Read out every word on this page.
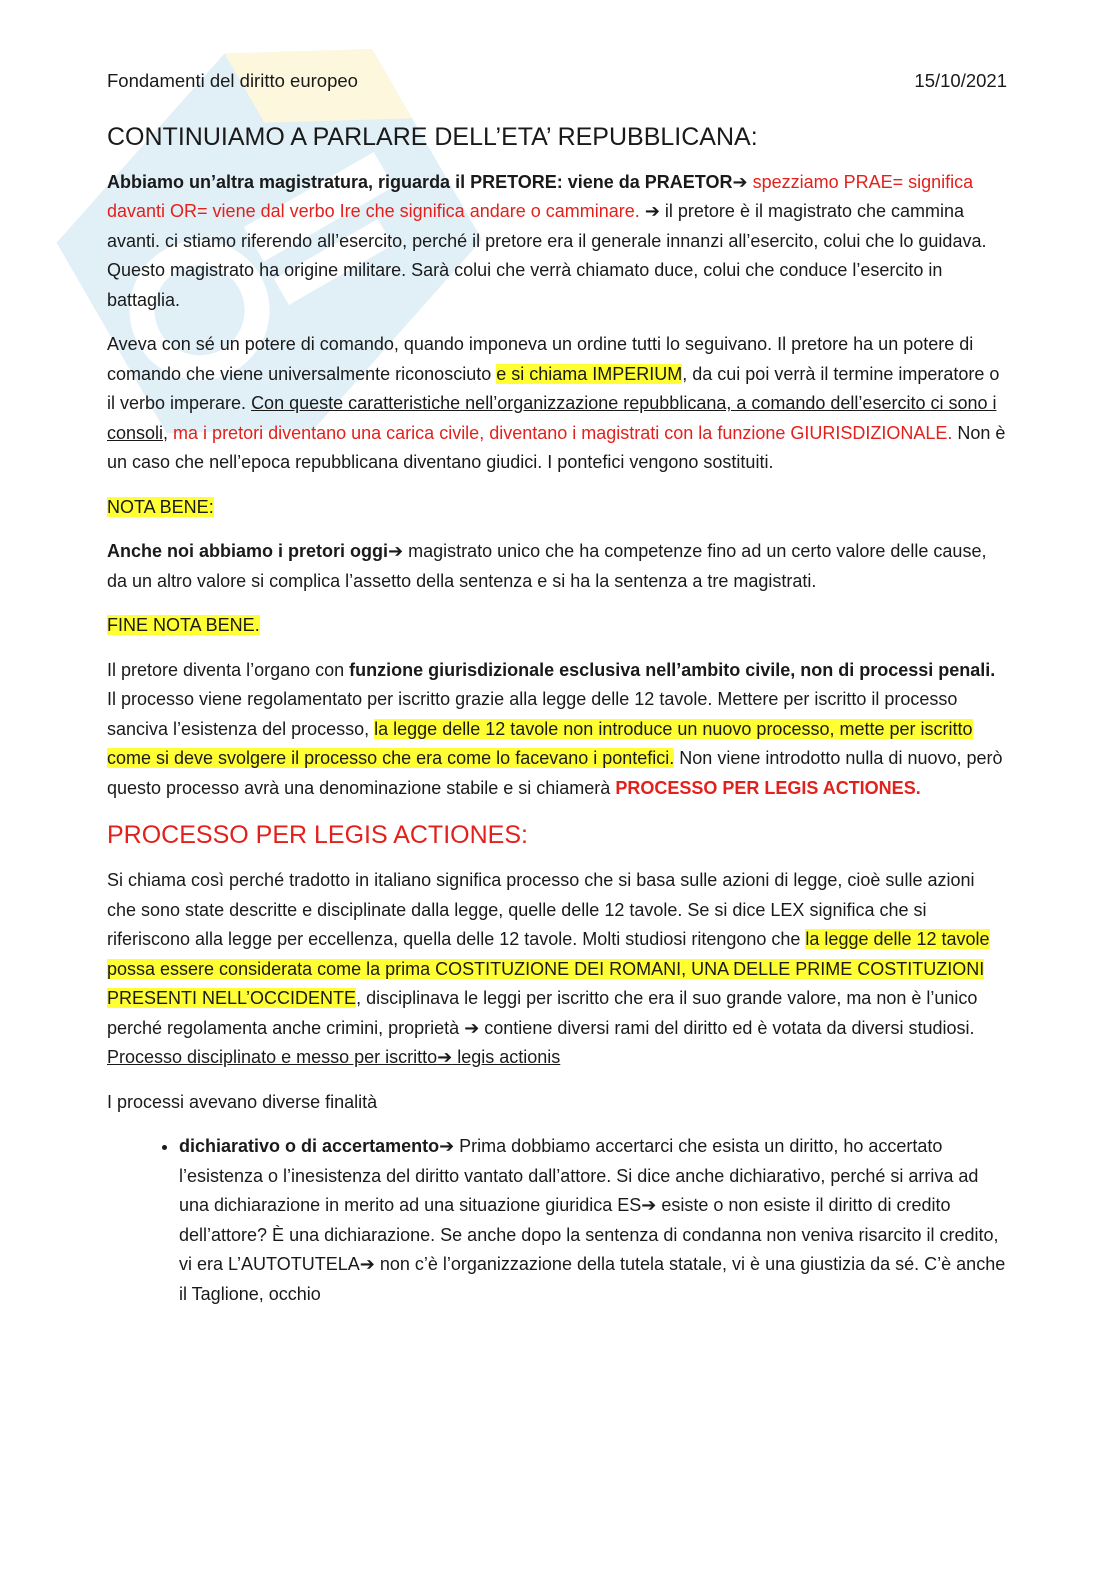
Fondamenti del diritto europeo	15/10/2021
CONTINUIAMO A PARLARE DELL’ETA’ REPUBBLICANA:

Abbiamo un’altra magistratura, riguarda il PRETORE: viene da PRAETOR➔ spezziamo PRAE= significa davanti OR= viene dal verbo Ire che significa andare o camminare. ➔ il pretore è il magistrato che cammina avanti. ci stiamo riferendo all’esercito, perché il pretore era il generale innanzi all’esercito, colui che lo guidava. Questo magistrato ha origine militare. Sarà colui che verrà chiamato duce, colui che conduce l’esercito in battaglia.

Aveva con sé un potere di comando, quando imponeva un ordine tutti lo seguivano. Il pretore ha un potere di comando che viene universalmente riconosciuto e si chiama IMPERIUM, da cui poi verrà il termine imperatore o il verbo imperare. Con queste caratteristiche nell’organizzazione repubblicana, a comando dell’esercito ci sono i consoli, ma i pretori diventano una carica civile, diventano i magistrati con la funzione GIURISDIZIONALE. Non è un caso che nell’epoca repubblicana diventano giudici. I pontefici vengono sostituiti.

NOTA BENE:

Anche noi abbiamo i pretori oggi➔ magistrato unico che ha competenze fino ad un certo valore delle cause, da un altro valore si complica l’assetto della sentenza e si ha la sentenza a tre magistrati.

FINE NOTA BENE.

Il pretore diventa l’organo con funzione giurisdizionale esclusiva nell’ambito civile, non di processi penali. Il processo viene regolamentato per iscritto grazie alla legge delle 12 tavole. Mettere per iscritto il processo sanciva l’esistenza del processo, la legge delle 12 tavole non introduce un nuovo processo, mette per iscritto come si deve svolgere il processo che era come lo facevano i pontefici. Non viene introdotto nulla di nuovo, però questo processo avrà una denominazione stabile e si chiamerà PROCESSO PER LEGIS ACTIONES.

PROCESSO PER LEGIS ACTIONES:

Si chiama così perché tradotto in italiano significa processo che si basa sulle azioni di legge, cioè sulle azioni che sono state descritte e disciplinate dalla legge, quelle delle 12 tavole. Se si dice LEX significa che si riferiscono alla legge per eccellenza, quella delle 12 tavole. Molti studiosi ritengono che la legge delle 12 tavole possa essere considerata come la prima COSTITUZIONE DEI ROMANI, UNA DELLE PRIME COSTITUZIONI PRESENTI NELL’OCCIDENTE, disciplinava le leggi per iscritto che era il suo grande valore, ma non è l’unico perché regolamenta anche crimini, proprietà ➔ contiene diversi rami del diritto ed è votata da diversi studiosi. Processo disciplinato e messo per iscritto➔ legis actionis

I processi avevano diverse finalità

• dichiarativo o di accertamento➔ Prima dobbiamo accertarci che esista un diritto, ho accertato l’esistenza o l’inesistenza del diritto vantato dall’attore. Si dice anche dichiarativo, perché si arriva ad una dichiarazione in merito ad una situazione giuridica ES➔ esiste o non esiste il diritto di credito dell’attore? È una dichiarazione. Se anche dopo la sentenza di condanna non veniva risarcito il credito, vi era L’AUTOTUTELA➔ non c’è l’organizzazione della tutela statale, vi è una giustizia da sé. C’è anche il Taglione, occhio
